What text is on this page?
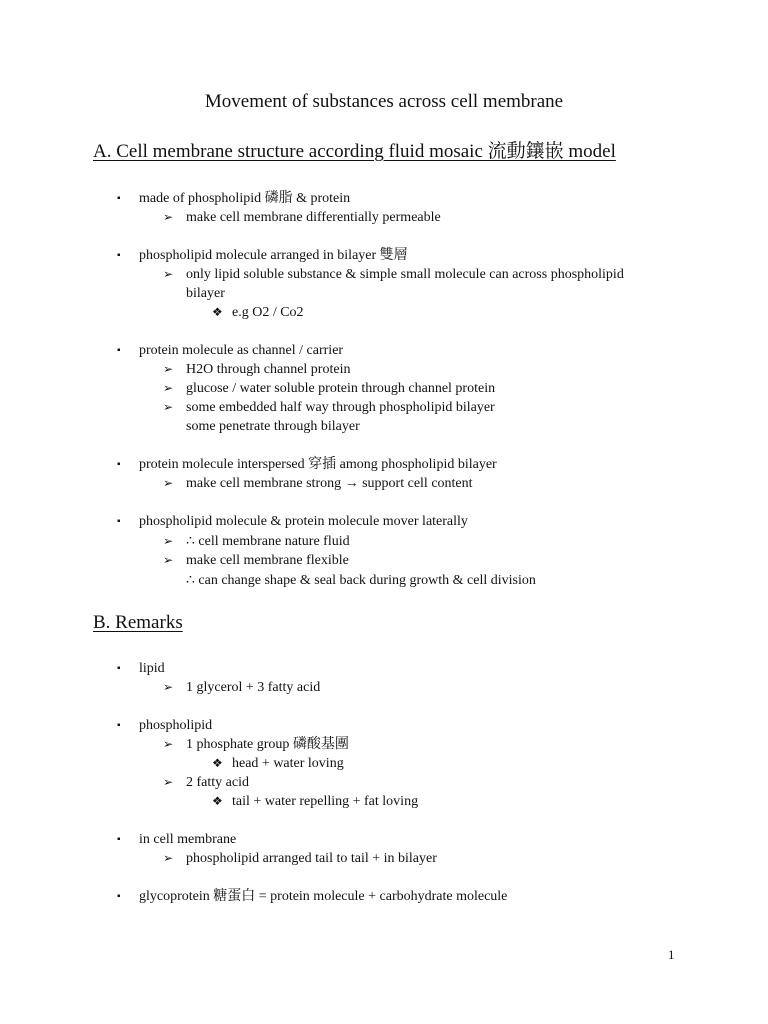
Movement of substances across cell membrane
A. Cell membrane structure according fluid mosaic 流動鑲嵌 model
▪ made of phospholipid 磷脂 & protein
➢ make cell membrane differentially permeable
▪ phospholipid molecule arranged in bilayer 雙層
➢ only lipid soluble substance & simple small molecule can across phospholipid
bilayer
❖ e.g O2 / Co2
▪ protein molecule as channel / carrier
➢ H2O through channel protein
➢ glucose / water soluble protein through channel protein
➢ some embedded half way through phospholipid bilayer
some penetrate through bilayer
▪ protein molecule interspersed 穿插 among phospholipid bilayer
➢ make cell membrane strong → support cell content
▪ phospholipid molecule & protein molecule mover laterally
➢ ∴ cell membrane nature fluid
➢ make cell membrane flexible
∴ can change shape & seal back during growth & cell division
B. Remarks
▪ lipid
➢ 1 glycerol + 3 fatty acid
▪ phospholipid
➢ 1 phosphate group 磷酸基團
❖ head + water loving
➢ 2 fatty acid
❖ tail + water repelling + fat loving
▪ in cell membrane
➢ phospholipid arranged tail to tail + in bilayer
▪ glycoprotein 糖蛋白 = protein molecule + carbohydrate molecule
1
